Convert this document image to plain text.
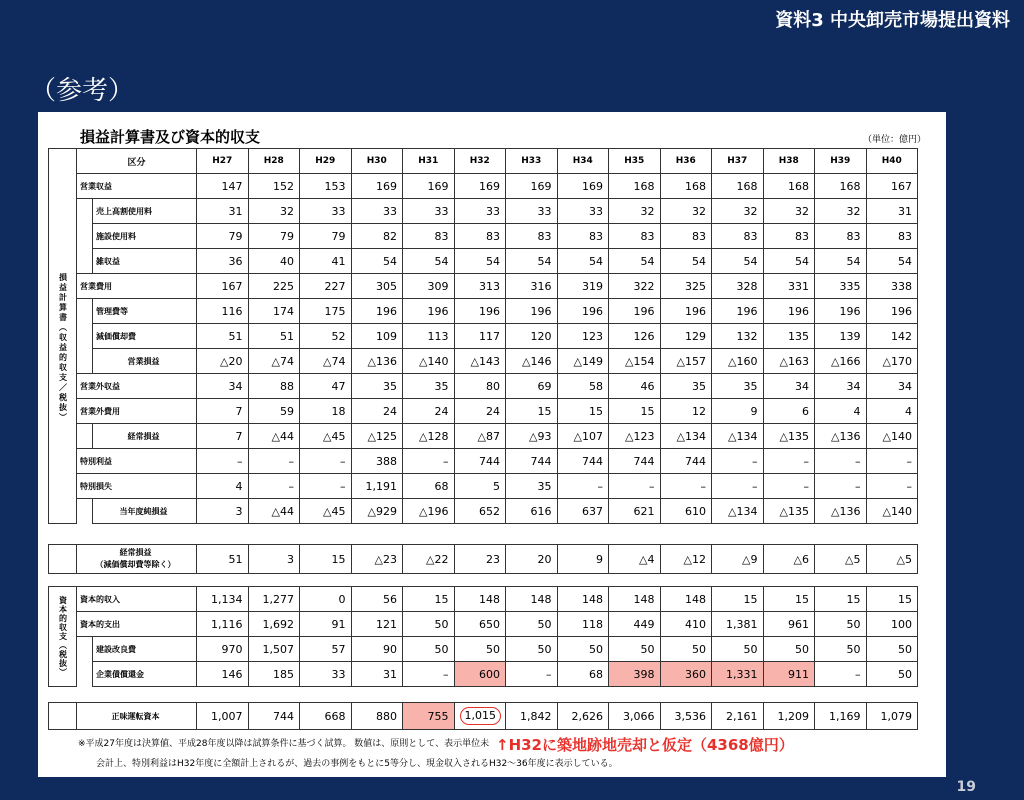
資料3 中央卸売市場提出資料
（参考）
損益計算書及び資本的収支	（単位：億円）
	区分		H27	H28	H29	H30	H31	H32	H33	H34	H35	H36	H37	H38	H39	H40
損益計算書（収益的収支／税抜）	営業収益		147	152	153	169	169	169	169	169	168	168	168	168	168	167
		売上高割使用料	31	32	33	33	33	33	33	33	32	32	32	32	32	31
		施設使用料	79	79	79	82	83	83	83	83	83	83	83	83	83	83
		雑収益	36	40	41	54	54	54	54	54	54	54	54	54	54	54
	営業費用		167	225	227	305	309	313	316	319	322	325	328	331	335	338
		管理費等	116	174	175	196	196	196	196	196	196	196	196	196	196	196
		減価償却費	51	51	52	109	113	117	120	123	126	129	132	135	139	142
		営業損益	△20	△74	△74	△136	△140	△143	△146	△149	△154	△157	△160	△163	△166	△170
	営業外収益		34	88	47	35	35	80	69	58	46	35	35	34	34	34
	営業外費用		7	59	18	24	24	24	15	15	15	12	9	6	4	4
		経常損益	7	△44	△45	△125	△128	△87	△93	△107	△123	△134	△134	△135	△136	△140
	特別利益		–	–	–	388	–	744	744	744	744	744	–	–	–	–
	特別損失		4	–	–	1,191	68	5	35	–	–	–	–	–	–	–
		当年度純損益	3	△44	△45	△929	△196	652	616	637	621	610	△134	△135	△136	△140

経常損益
（減価償却費等除く）	51	3	15	△23	△22	23	20	9	△4	△12	△9	△6	△5	△5
資本的収支（税抜）	資本的収入		1,134	1,277	0	56	15	148	148	148	148	148	15	15	15	15
	資本的支出		1,116	1,692	91	121	50	650	50	118	449	410	1,381	961	50	100
		建設改良費	970	1,507	57	90	50	50	50	50	50	50	50	50	50	50
		企業債償還金	146	185	33	31	–	600	–	68	398	360	1,331	911	–	50
	正味運転資本	1,007	744	668	880	755	1,015	1,842	2,626	3,066	3,536	2,161	1,209	1,169	1,079
※平成27年度は決算値、平成28年度以降は試算条件に基づく試算。 数値は、原則として、表示単位未
会計上、特別利益はH32年度に全額計上されるが、過去の事例をもとに5等分し、現金収入されるH32～36年度に表示している。
↑H32に築地跡地売却と仮定（4368億円）
19
